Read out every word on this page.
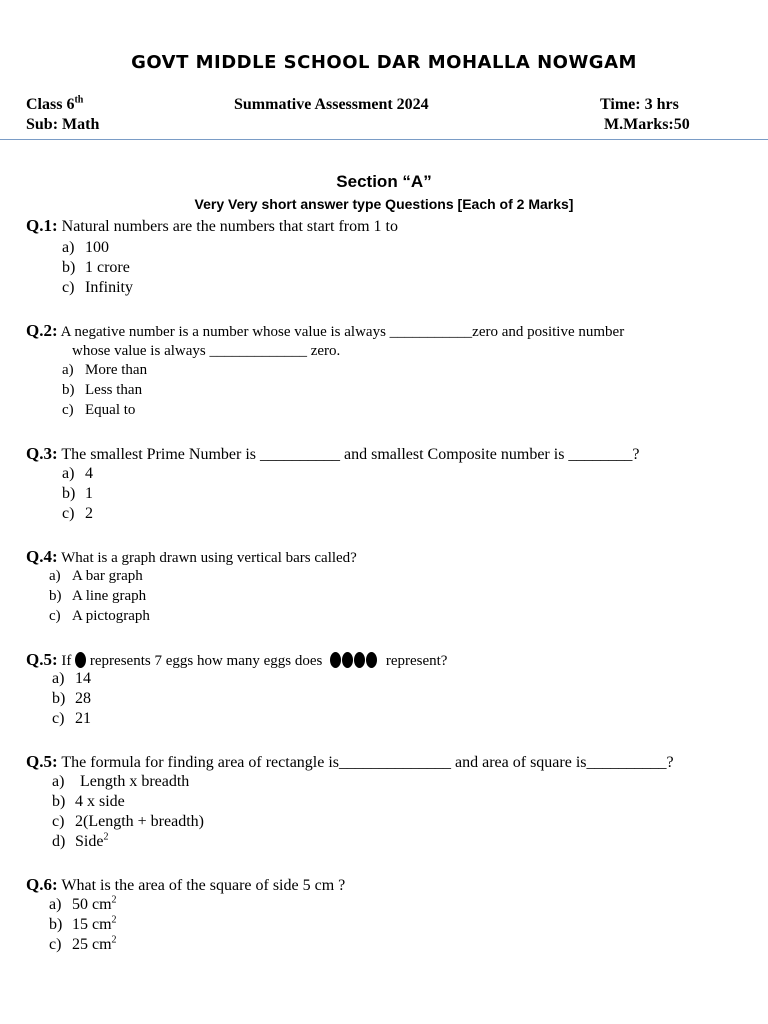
GOVT MIDDLE SCHOOL DAR MOHALLA NOWGAM
Class 6th
Sub: Math
Summative Assessment 2024	Time: 3 hrs
M.Marks:50
Section “A”
Very Very short answer type Questions [Each of 2 Marks]
Q.1: Natural numbers are the numbers that start from 1 to
a) 100
b) 1 crore
c) Infinity
Q.2: A negative number is a number whose value is always ___________zero and positive number
whose value is always _____________ zero.
a) More than
b) Less than
c) Equal to
Q.3: The smallest Prime Number is __________ and smallest Composite number is ________?
a) 4
b) 1
c) 2
Q.4: What is a graph drawn using vertical bars called?
a) A bar graph
b) A line graph
c) A pictograph
Q.5: If represents 7 eggs how many eggs does	represent?
a) 14
b) 28
c) 21
Q.5: The formula for finding area of rectangle is______________ and area of square is__________?
a) Length x breadth
b) 4 x side
c) 2(Length + breadth)
d) Side$^2$
Q.6: What is the area of the square of side 5 cm ?
a) 50 $cm^2$
b) 15 $cm^2$
c) 25 $cm^2$
